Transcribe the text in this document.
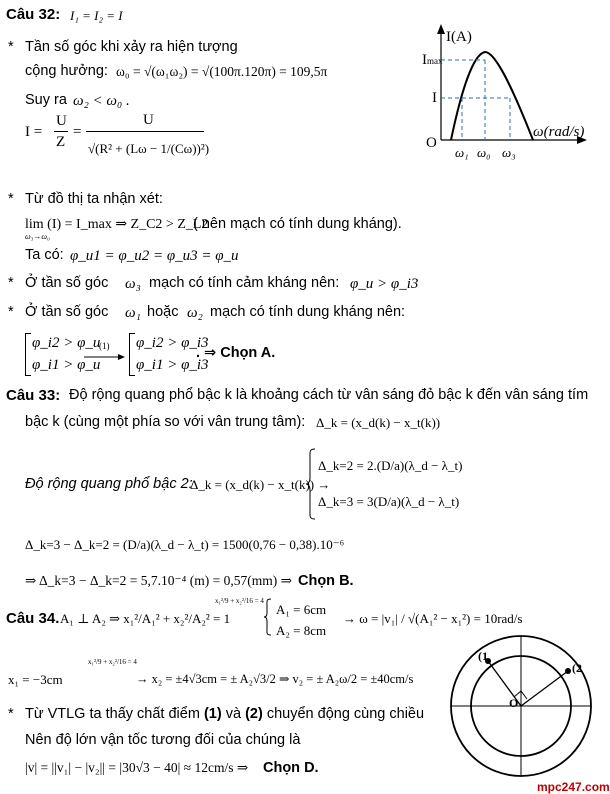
Câu 32: I₁ = I₂ = I
* Tần số góc khi xảy ra hiện tượng
cộng hưởng: ω₀ = √(ω₁ω₂) = √(100π.120π) = 109,5π
Suy ra ω₂ < ω₀ .
I =
U
Z
=
U
√(R² + (Lω − 1/(Cω))²)
I(A)
Imax
I
O
ω(rad/s)
ω₁ ω₀ ω₃
* Từ đồ thị ta nhận xét:
lim (I) = I_max ⇒ Z_C2 > Z_L2
ω₃→ω₀
( nên mạch có tính dung kháng).
Ta có: φ_u1 = φ_u2 = φ_u3 = φ_u
* Ở tần số góc ω₃ mạch có tính cảm kháng nên: φ_u > φ_i3
* Ở tần số góc ω₁ hoặc ω₂ mạch có tính dung kháng nên:
φ_i2 > φ_u
φ_i1 > φ_u
(1) φ_i2 > φ_i3
φ_i1 > φ_i3
. ⇒ Chọn A.
Câu 33: Độ rộng quang phổ bậc k là khoảng cách từ vân sáng đỏ bậc k đến vân sáng tím
bậc k (cùng một phía so với vân trung tâm): Δ_k = (x_d(k) − x_t(k))
Độ rộng quang phổ bậc 2:
Δ_k = (x_d(k) − x_t(k)) →
Δ_k=2 = 2.(D/a)(λ_d − λ_t)
Δ_k=3 = 3(D/a)(λ_d − λ_t)
Δ_k=3 − Δ_k=2 = (D/a)(λ_d − λ_t) = 1500(0,76 − 0,38).10⁻⁶
⇒ Δ_k=3 − Δ_k=2 = 5,7.10⁻⁴ (m) = 0,57(mm) ⇒ Chọn B.
Câu 34. A₁ ⊥ A₂ ⇒ x₁²/A₁² + x₂²/A₂² = 1
x₁²/9 + x₂²/16 = 4
A₁ = 6cm
A₂ = 8cm
→ ω = |v₁| / √(A₁² − x₁²) = 10rad/s
x₁ = −3cm
x₁²/9 + x₂²/16 = 4
→ x₂ = ±4√3cm = ± A₂√3/2 ⇒ v₂ = ± A₂ω/2 = ±40cm/s
* Từ VTLG ta thấy chất điểm (1) và (2) chuyển động cùng chiều
Nên độ lớn vận tốc tương đối của chúng là
|v| = ||v₁| − |v₂|| = |30√3 − 40| ≈ 12cm/s ⇒ Chọn D.
(1
(2
O
mpc247.com
